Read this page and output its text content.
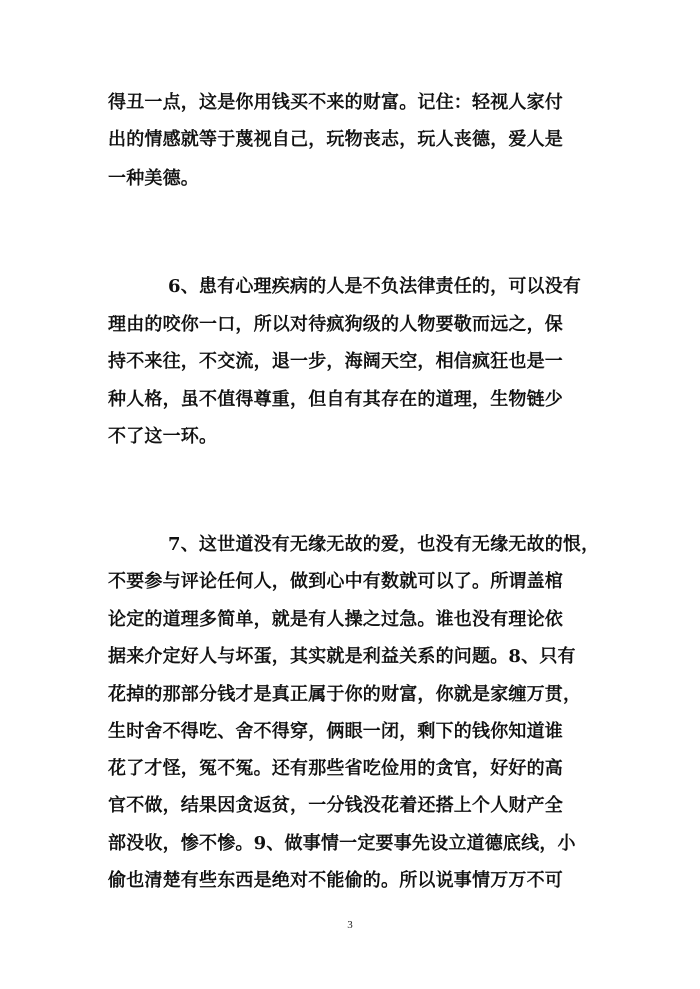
得丑一点，这是你用钱买不来的财富。记住：轻视人家付
出的情感就等于蔑视自己，玩物丧志，玩人丧德，爱人是
一种美德。
6、患有心理疾病的人是不负法律责任的，可以没有
理由的咬你一口，所以对待疯狗级的人物要敬而远之，保
持不来往，不交流，退一步，海阔天空，相信疯狂也是一
种人格，虽不值得尊重，但自有其存在的道理，生物链少
不了这一环。
7、这世道没有无缘无故的爱，也没有无缘无故的恨，
不要参与评论任何人，做到心中有数就可以了。所谓盖棺
论定的道理多简单，就是有人操之过急。谁也没有理论依
据来介定好人与坏蛋，其实就是利益关系的问题。8、只有
花掉的那部分钱才是真正属于你的财富，你就是家缠万贯，
生时舍不得吃、舍不得穿，俩眼一闭，剩下的钱你知道谁
花了才怪，冤不冤。还有那些省吃俭用的贪官，好好的高
官不做，结果因贪返贫，一分钱没花着还搭上个人财产全
部没收，惨不惨。9、做事情一定要事先设立道德底线，小
偷也清楚有些东西是绝对不能偷的。所以说事情万万不可
3
